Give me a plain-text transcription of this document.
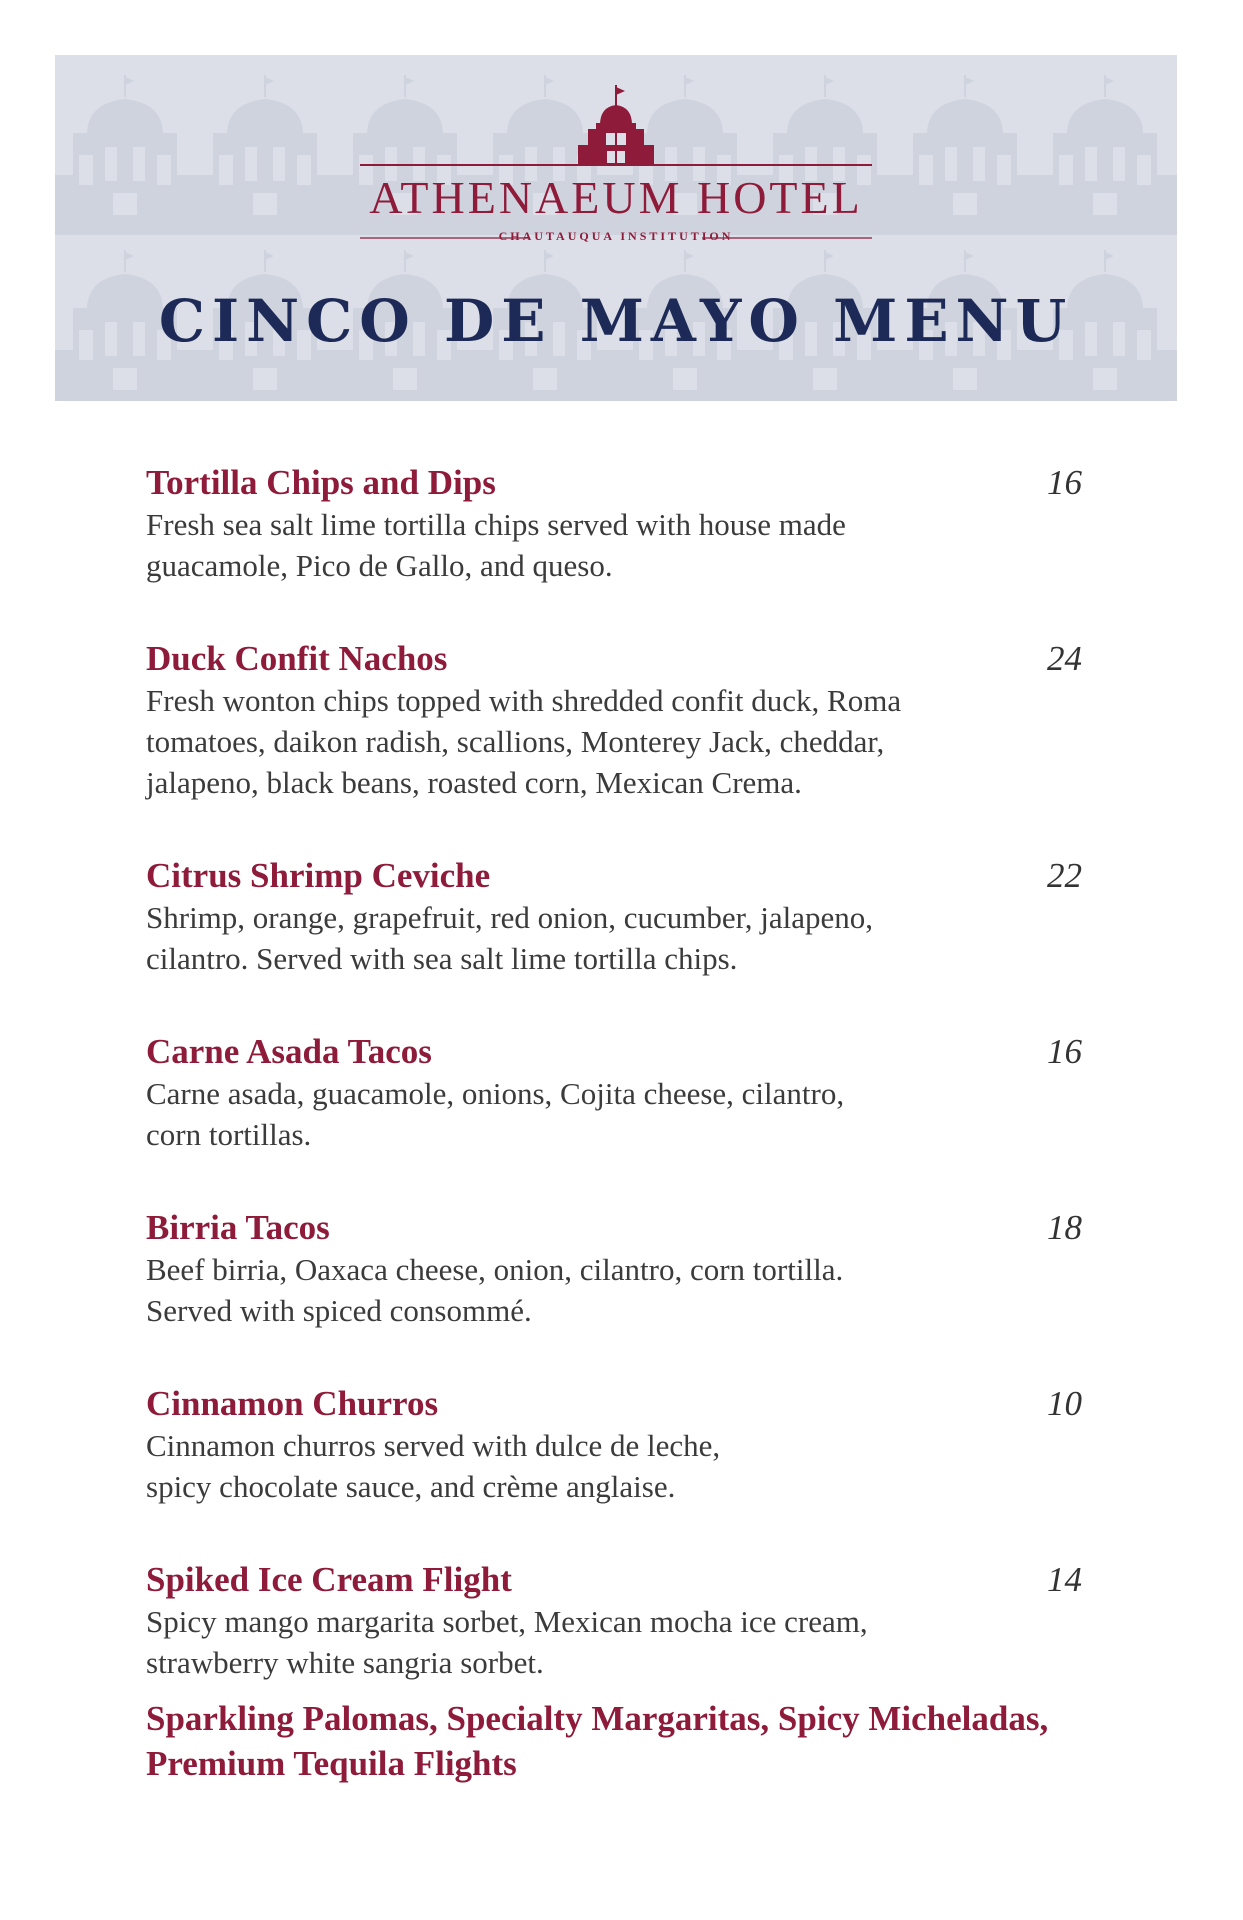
ATHENAEUM HOTEL
CHAUTAUQUA INSTITUTION
CINCO DE MAYO MENU
Tortilla Chips and Dips	16
Fresh sea salt lime tortilla chips served with house made
guacamole, Pico de Gallo, and queso.
Duck Confit Nachos	24
Fresh wonton chips topped with shredded confit duck, Roma
tomatoes, daikon radish, scallions, Monterey Jack, cheddar,
jalapeno, black beans, roasted corn, Mexican Crema.
Citrus Shrimp Ceviche	22
Shrimp, orange, grapefruit, red onion, cucumber, jalapeno,
cilantro. Served with sea salt lime tortilla chips.
Carne Asada Tacos	16
Carne asada, guacamole, onions, Cojita cheese, cilantro,
corn tortillas.
Birria Tacos	18
Beef birria, Oaxaca cheese, onion, cilantro, corn tortilla.
Served with spiced consommé.
Cinnamon Churros	10
Cinnamon churros served with dulce de leche,
spicy chocolate sauce, and crème anglaise.
Spiked Ice Cream Flight	14
Spicy mango margarita sorbet, Mexican mocha ice cream,
strawberry white sangria sorbet.
Sparkling Palomas, Specialty Margaritas, Spicy Micheladas,
Premium Tequila Flights
